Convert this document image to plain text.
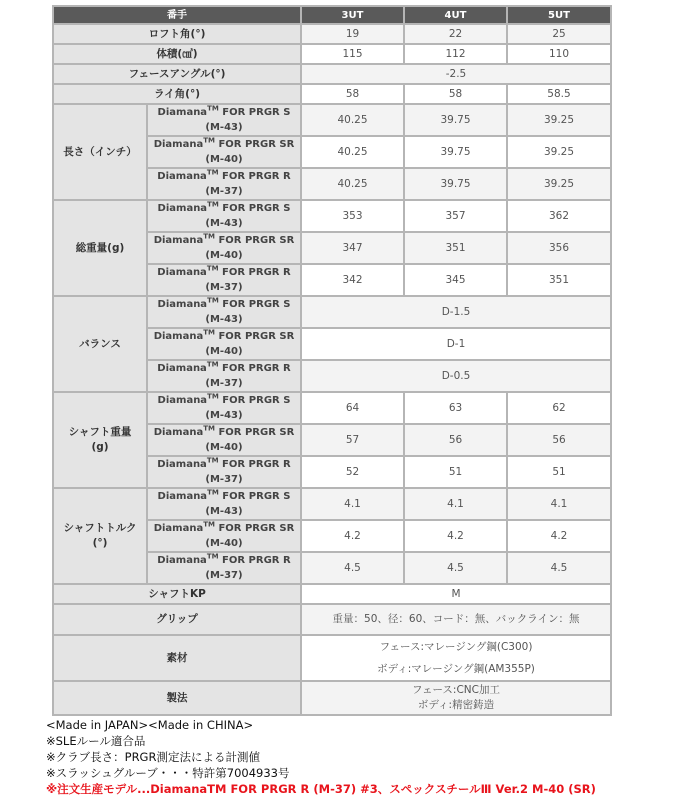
番手		3UT	4UT	5UT
ロフト角(°)		19	22	25
体積(㎤)		115	112	110
フェースアングル(°)		-2.5		
ライ角(°)		58	58	58.5
長さ（インチ）	Diamana™ FOR PRGR S
(M-43)	40.25	39.75	39.25
	Diamana™ FOR PRGR SR
(M-40)	40.25	39.75	39.25
	Diamana™ FOR PRGR R
(M-37)	40.25	39.75	39.25
総重量(g)	Diamana™ FOR PRGR S
(M-43)	353	357	362
	Diamana™ FOR PRGR SR
(M-40)	347	351	356
	Diamana™ FOR PRGR R
(M-37)	342	345	351
バランス	Diamana™ FOR PRGR S
(M-43)	D-1.5		
	Diamana™ FOR PRGR SR
(M-40)	D-1		
	Diamana™ FOR PRGR R
(M-37)	D-0.5		

シャフト重量
(g)	Diamana™ FOR PRGR S
(M-43)	64	63	62
	Diamana™ FOR PRGR SR
(M-40)	57	56	56
	Diamana™ FOR PRGR R
(M-37)	52	51	51

シャフトトルク
(°)	Diamana™ FOR PRGR S
(M-43)	4.1	4.1	4.1
	Diamana™ FOR PRGR SR
(M-40)	4.2	4.2	4.2
	Diamana™ FOR PRGR R
(M-37)	4.5	4.5	4.5
シャフトKP		M		
グリップ		重量：50、径：60、コード：無、バックライン：無		
素材		フェース:マレージング鋼(C300)
ボディ:マレージング鋼(AM355P)		
製法		フェース:CNC加工
ボディ:精密鋳造		
<Made in JAPAN><Made in CHINA>
※SLEルール適合品
※クラブ長さ：PRGR測定法による計測値
※スラッシュグルーブ・・・特許第7004933号
※注文生産モデル...DiamanaTM FOR PRGR R (M-37) #3、スペックスチールⅢ Ver.2 M-40 (SR)
